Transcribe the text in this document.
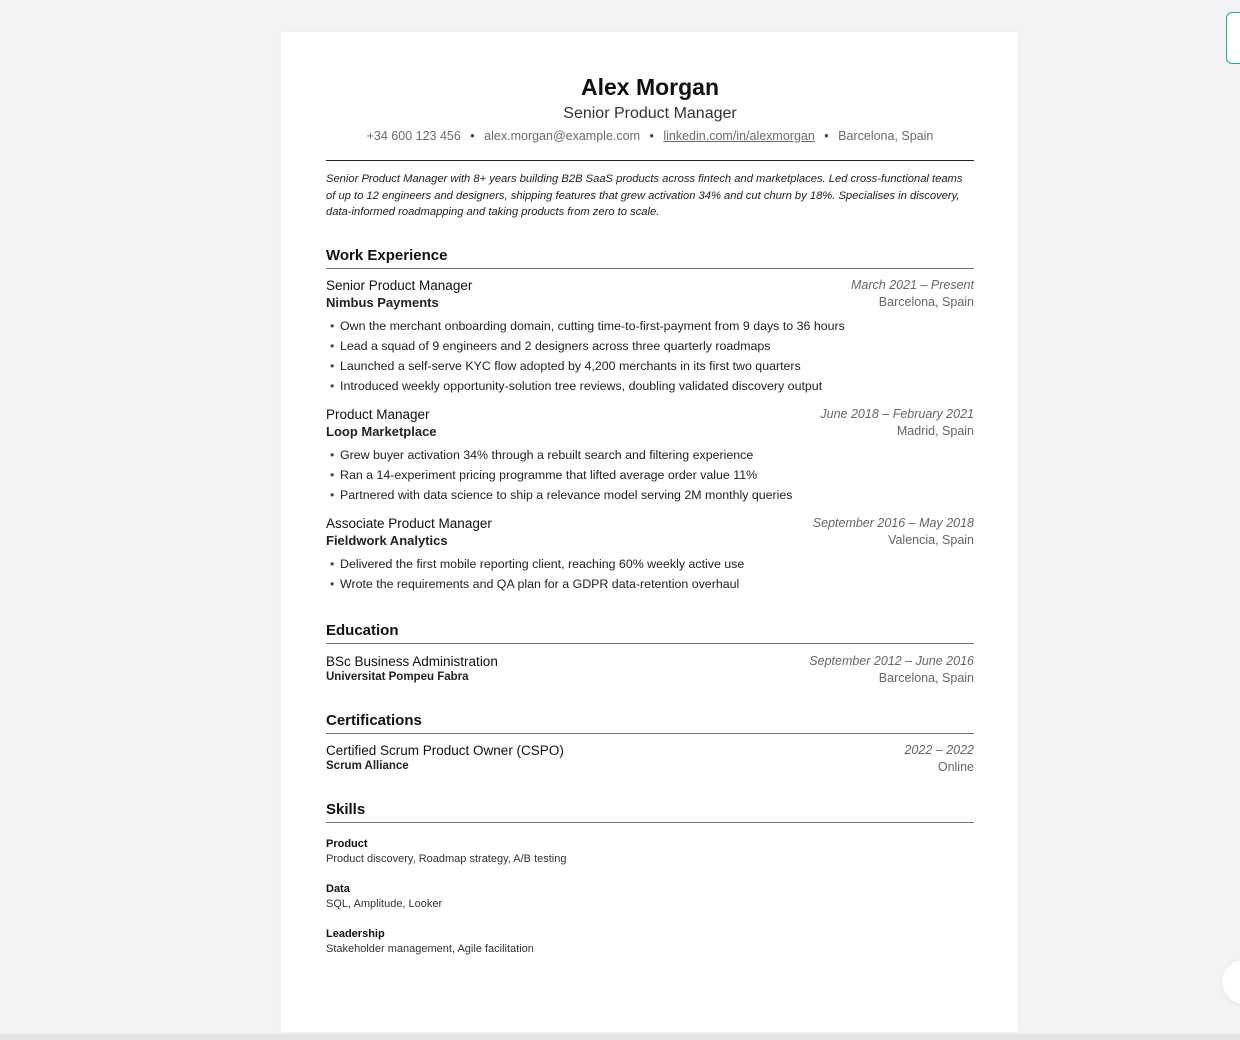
Alex Morgan
Senior Product Manager
+34 600 123 456 • alex.morgan@example.com • linkedin.com/in/alexmorgan • Barcelona, Spain
Senior Product Manager with 8+ years building B2B SaaS products across fintech and marketplaces. Led cross-functional teams of up to 12 engineers and designers, shipping features that grew activation 34% and cut churn by 18%. Specialises in discovery, data-informed roadmapping and taking products from zero to scale.
Work Experience
Senior Product Manager
Nimbus Payments
March 2021 – Present
Barcelona, Spain
• Own the merchant onboarding domain, cutting time-to-first-payment from 9 days to 36 hours
• Lead a squad of 9 engineers and 2 designers across three quarterly roadmaps
• Launched a self-serve KYC flow adopted by 4,200 merchants in its first two quarters
• Introduced weekly opportunity-solution tree reviews, doubling validated discovery output
Product Manager
Loop Marketplace
June 2018 – February 2021
Madrid, Spain
• Grew buyer activation 34% through a rebuilt search and filtering experience
• Ran a 14-experiment pricing programme that lifted average order value 11%
• Partnered with data science to ship a relevance model serving 2M monthly queries
Associate Product Manager
Fieldwork Analytics
September 2016 – May 2018
Valencia, Spain
• Delivered the first mobile reporting client, reaching 60% weekly active use
• Wrote the requirements and QA plan for a GDPR data-retention overhaul
Education
BSc Business Administration
Universitat Pompeu Fabra
September 2012 – June 2016
Barcelona, Spain
Certifications
Certified Scrum Product Owner (CSPO)
Scrum Alliance
2022 – 2022
Online
Skills
Product
Product discovery, Roadmap strategy, A/B testing
Data
SQL, Amplitude, Looker
Leadership
Stakeholder management, Agile facilitation
